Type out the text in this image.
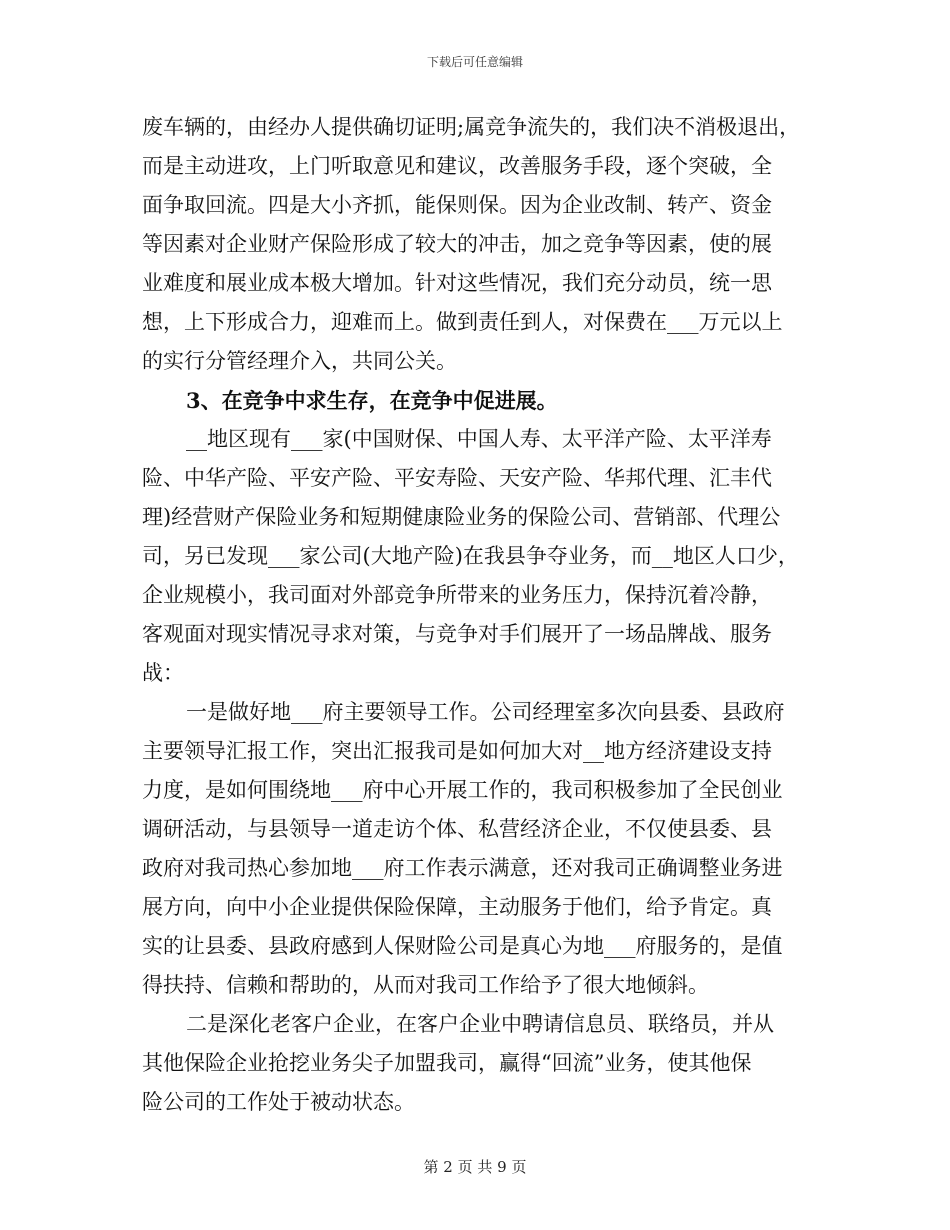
下载后可任意编辑
废车辆的，由经办人提供确切证明;属竞争流失的，我们决不消极退出，
而是主动进攻，上门听取意见和建议，改善服务手段，逐个突破，全
面争取回流。四是大小齐抓，能保则保。因为企业改制、转产、资金
等因素对企业财产保险形成了较大的冲击，加之竞争等因素，使的展
业难度和展业成本极大增加。针对这些情况，我们充分动员，统一思
想，上下形成合力，迎难而上。做到责任到人，对保费在___万元以上
的实行分管经理介入，共同公关。
3、在竞争中求生存，在竞争中促进展。
__地区现有___家(中国财保、中国人寿、太平洋产险、太平洋寿
险、中华产险、平安产险、平安寿险、天安产险、华邦代理、汇丰代
理)经营财产保险业务和短期健康险业务的保险公司、营销部、代理公
司，另已发现___家公司(大地产险)在我县争夺业务，而__地区人口少，
企业规模小，我司面对外部竞争所带来的业务压力，保持沉着冷静，
客观面对现实情况寻求对策，与竞争对手们展开了一场品牌战、服务
战：
一是做好地___府主要领导工作。公司经理室多次向县委、县政府
主要领导汇报工作，突出汇报我司是如何加大对__地方经济建设支持
力度，是如何围绕地___府中心开展工作的，我司积极参加了全民创业
调研活动，与县领导一道走访个体、私营经济企业，不仅使县委、县
政府对我司热心参加地___府工作表示满意，还对我司正确调整业务进
展方向，向中小企业提供保险保障，主动服务于他们，给予肯定。真
实的让县委、县政府感到人保财险公司是真心为地___府服务的，是值
得扶持、信赖和帮助的，从而对我司工作给予了很大地倾斜。
二是深化老客户企业，在客户企业中聘请信息员、联络员，并从
其他保险企业抢挖业务尖子加盟我司，赢得“回流”业务，使其他保
险公司的工作处于被动状态。
第 2 页 共 9 页
